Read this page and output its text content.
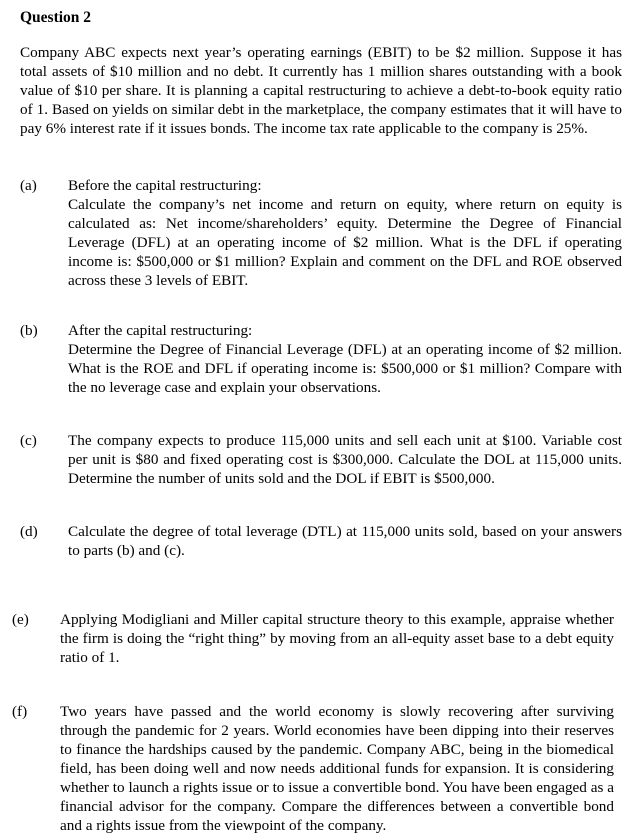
Question 2
Company ABC expects next year’s operating earnings (EBIT) to be $2 million. Suppose it has total assets of $10 million and no debt. It currently has 1 million shares outstanding with a book value of $10 per share. It is planning a capital restructuring to achieve a debt-to-book equity ratio of 1. Based on yields on similar debt in the marketplace, the company estimates that it will have to pay 6% interest rate if it issues bonds. The income tax rate applicable to the company is 25%.
(a) Before the capital restructuring:
Calculate the company’s net income and return on equity, where return on equity is calculated as: Net income/shareholders’ equity. Determine the Degree of Financial Leverage (DFL) at an operating income of $2 million. What is the DFL if operating income is: $500,000 or $1 million? Explain and comment on the DFL and ROE observed across these 3 levels of EBIT.
(b) After the capital restructuring:
Determine the Degree of Financial Leverage (DFL) at an operating income of $2 million. What is the ROE and DFL if operating income is: $500,000 or $1 million? Compare with the no leverage case and explain your observations.
(c) The company expects to produce 115,000 units and sell each unit at $100. Variable cost per unit is $80 and fixed operating cost is $300,000. Calculate the DOL at 115,000 units. Determine the number of units sold and the DOL if EBIT is $500,000.
(d) Calculate the degree of total leverage (DTL) at 115,000 units sold, based on your answers to parts (b) and (c).
(e) Applying Modigliani and Miller capital structure theory to this example, appraise whether the firm is doing the “right thing” by moving from an all-equity asset base to a debt equity ratio of 1.
(f) Two years have passed and the world economy is slowly recovering after surviving through the pandemic for 2 years. World economies have been dipping into their reserves to finance the hardships caused by the pandemic. Company ABC, being in the biomedical field, has been doing well and now needs additional funds for expansion. It is considering whether to launch a rights issue or to issue a convertible bond. You have been engaged as a financial advisor for the company. Compare the differences between a convertible bond and a rights issue from the viewpoint of the company.
